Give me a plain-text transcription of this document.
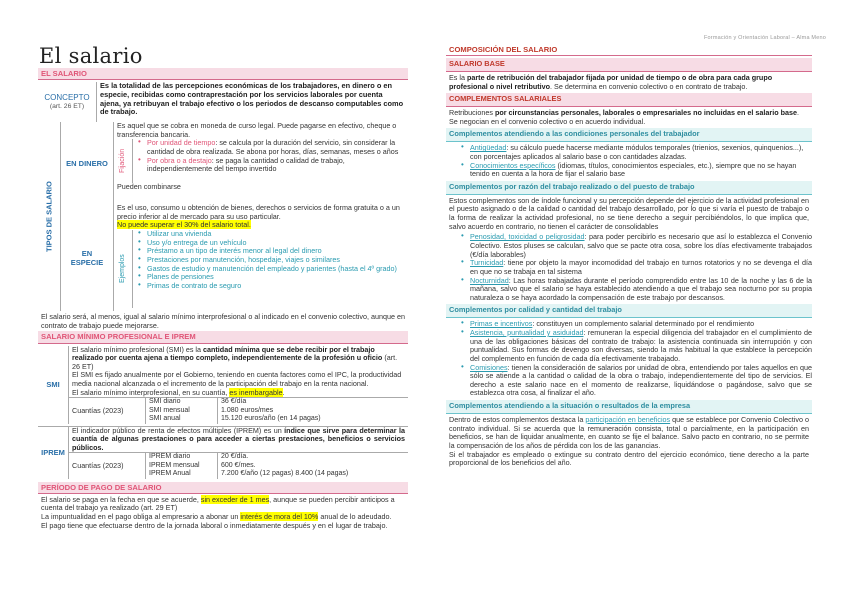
Formación y Orientación Laboral – Alma Meno
El salario
EL SALARIO
CONCEPTO
(art. 26 ET)
Es la totalidad de las percepciones económicas de los trabajadores, en dinero o en especie, recibidas como contraprestación por los servicios laborales por cuenta ajena, ya retribuyan el trabajo efectivo o los periodos de descanso computables como de trabajo.
TIPOS DE SALARIO
EN DINERO
Es aquel que se cobra en moneda de curso legal. Puede pagarse en efectivo, cheque o transferencia bancaria.
Fijación
• Por unidad de tiempo: se calcula por la duración del servicio, sin considerar la cantidad de obra realizada. Se abona por horas, días, semanas, meses o años
• Por obra o a destajo: se paga la cantidad o calidad de trabajo, independientemente del tiempo invertido
Pueden combinarse
EN
ESPECIE
Es el uso, consumo u obtención de bienes, derechos o servicios de forma gratuita o a un precio inferior al de mercado para su uso particular.
No puede superar el 30% del salario total.
Ejemplos
• Utilizar una vivienda
• Uso y/o entrega de un vehículo
• Préstamo a un tipo de interés menor al legal del dinero
• Prestaciones por manutención, hospedaje, viajes o similares
• Gastos de estudio y manutención del empleado y parientes (hasta el 4º grado)
• Planes de pensiones
• Primas de contrato de seguro
El salario será, al menos, igual al salario mínimo interprofesional o al indicado en el convenio colectivo, aunque en contrato de trabajo puede mejorarse.
SALARIO MÍNIMO PROFESIONAL E IPREM
SMI
El salario mínimo profesional (SMI) es la cantidad mínima que se debe recibir por el trabajo realizado por cuenta ajena a tiempo completo, independientemente de la profesión u oficio (art. 26 ET)
El SMI es fijado anualmente por el Gobierno, teniendo en cuenta factores como el IPC, la productividad media nacional alcanzada o el incremento de la participación del trabajo en la renta nacional.
El salario mínimo interprofesional, en su cuantía, es inembargable.
Cuantías (2023)
SMI diario	36 €/día
SMI mensual	1.080 euros/mes
SMI anual	15.120 euros/año (en 14 pagas)
IPREM
El indicador público de renta de efectos múltiples (IPREM) es un índice que sirve para determinar la cuantía de algunas prestaciones o para acceder a ciertas prestaciones, beneficios o servicios públicos.
Cuantías (2023)
IPREM diario	20 €/día.
IPREM mensual	600 €/mes.
IPREM Anual	7.200 €/año (12 pagas) 8.400 (14 pagas)
PERÍODO DE PAGO DE SALARIO
El salario se paga en la fecha en que se acuerde, sin exceder de 1 mes, aunque se pueden percibir anticipos a cuenta del trabajo ya realizado (art. 29 ET)
La impuntualidad en el pago obliga al empresario a abonar un interés de mora del 10% anual de lo adeudado.
El pago tiene que efectuarse dentro de la jornada laboral o inmediatamente después y en el lugar de trabajo.
COMPOSICIÓN DEL SALARIO
SALARIO BASE
Es la parte de retribución del trabajador fijada por unidad de tiempo o de obra para cada grupo profesional o nivel retributivo. Se determina en convenio colectivo o en contrato de trabajo.
COMPLEMENTOS SALARIALES
Retribuciones por circunstancias personales, laborales o empresariales no incluidas en el salario base. Se negocian en el convenio colectivo o en acuerdo individual.
Complementos atendiendo a las condiciones personales del trabajador
• Antigüedad: su cálculo puede hacerse mediante módulos temporales (trienios, sexenios, quinquenios...), con porcentajes aplicados al salario base o con cantidades alzadas.
• Conocimientos específicos (idiomas, títulos, conocimientos especiales, etc.), siempre que no se hayan tenido en cuenta a la hora de fijar el salario base
Complementos por razón del trabajo realizado o del puesto de trabajo
Estos complementos son de índole funcional y su percepción depende del ejercicio de la actividad profesional en el puesto asignado o de la calidad o cantidad del trabajo desarrollado, por lo que si varía el puesto de trabajo o la forma de realizar la actividad profesional, no se tiene derecho a seguir percibiéndolos, lo que implica que, salvo acuerdo en contrario, no tienen el carácter de consolidables
• Penosidad, toxicidad o peligrosidad: para poder percibirlo es necesario que así lo establezca el Convenio Colectivo. Estos pluses se calculan, salvo que se pacte otra cosa, sobre los días efectivamente trabajados (€/día laborables)
• Turnicidad: tiene por objeto la mayor incomodidad del trabajo en turnos rotatorios y no se devenga el día en que no se trabaja en tal sistema
• Nocturnidad: Las horas trabajadas durante el período comprendido entre las 10 de la noche y las 6 de la mañana, salvo que el salario se haya establecido atendiendo a que el trabajo sea nocturno por su propia naturaleza o se haya acordado la compensación de este trabajo por descansos.
Complementos por calidad y cantidad del trabajo
• Primas e incentivos: constituyen un complemento salarial determinado por el rendimiento
• Asistencia, puntualidad y asiduidad: remuneran la especial diligencia del trabajador en el cumplimiento de una de las obligaciones básicas del contrato de trabajo: la asistencia continuada sin interrupción y con puntualidad. Sus formas de devengo son diversas, siendo la más habitual la que establece la percepción del complemento en función de cada día efectivamente trabajado.
• Comisiones: tienen la consideración de salarios por unidad de obra, entendiendo por tales aquellos en que sólo se atiende a la cantidad o calidad de la obra o trabajo, independientemente del tipo de servicios. El derecho a este salario nace en el momento de realizarse, liquidándose o pagándose, salvo que se establezca otra cosa, al finalizar el año.
Complementos atendiendo a la situación o resultados de la empresa
Dentro de estos complementos destaca la participación en beneficios que se establece por Convenio Colectivo o contrato individual. Si se acuerda que la remuneración consista, total o parcialmente, en la participación en beneficios, se han de liquidar anualmente, en cuanto se fije el balance. Salvo pacto en contrario, no se permite la compensación de los años de pérdida con los de las ganancias.
Si el trabajador es empleado o extingue su contrato dentro del ejercicio económico, tiene derecho a la parte proporcional de los beneficios del año.
